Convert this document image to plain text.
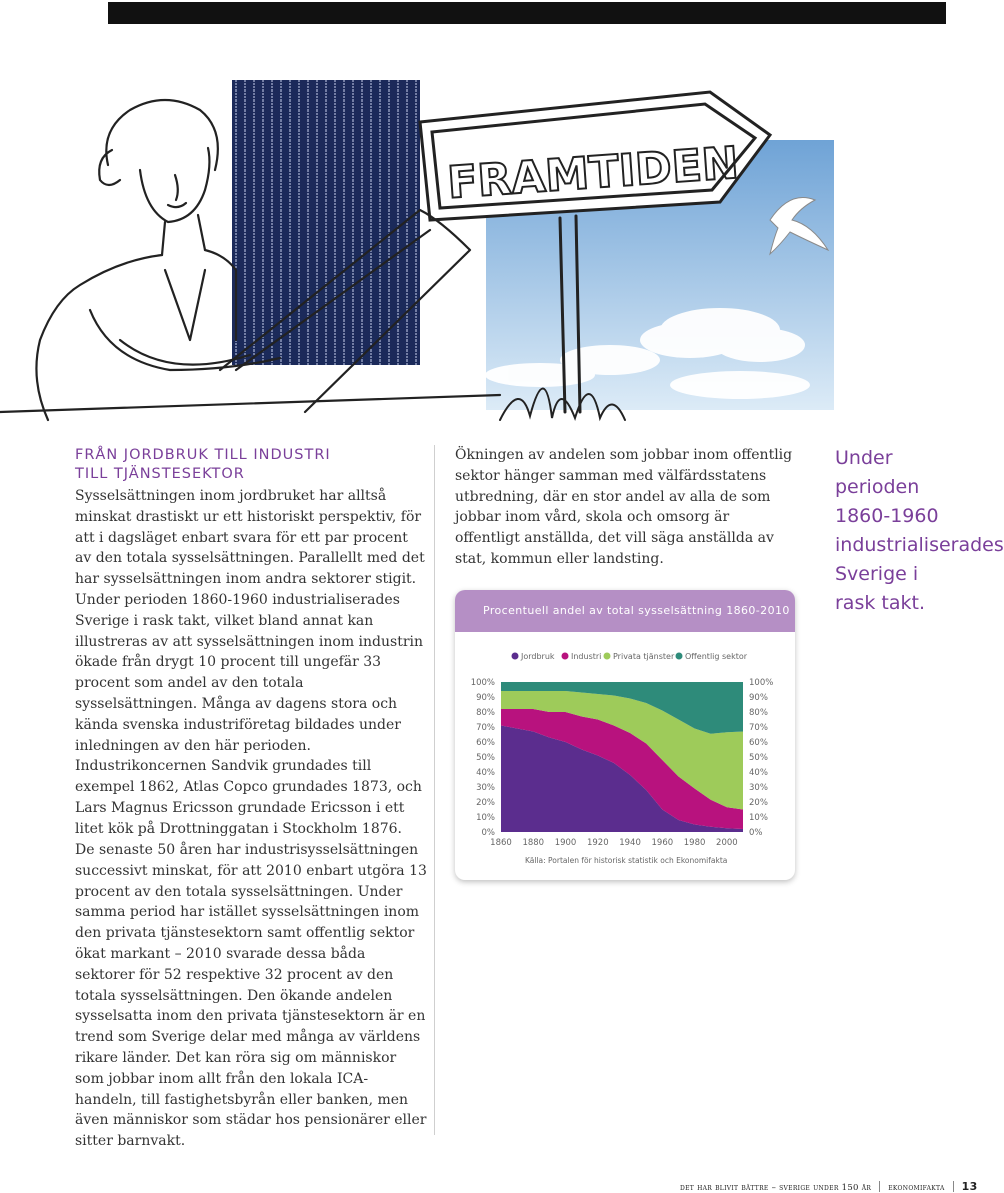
FRAMTIDEN
FRÅN JORDBRUK TILL INDUSTRI
TILL TJÄNSTESEKTOR
Sysselsättningen inom jordbruket har alltså minskat drastiskt ur ett historiskt perspektiv, för att i dagsläget enbart svara för ett par procent av den totala sysselsättningen. Parallellt med det har sysselsättningen inom andra sektorer stigit. Under perioden 1860-1960 industrialiserades Sverige i rask takt, vilket bland annat kan illustreras av att sysselsättningen inom industrin ökade från drygt 10 procent till ungefär 33 procent som andel av den totala sysselsättningen. Många av dagens stora och kända svenska industriföretag bildades under inledningen av den här perioden. Industrikoncernen Sandvik grundades till exempel 1862, Atlas Copco grundades 1873, och Lars Magnus Ericsson grundade Ericsson i ett litet kök på Drottninggatan i Stockholm 1876.
De senaste 50 åren har industrisysselsättningen successivt minskat, för att 2010 enbart utgöra 13 procent av den totala sysselsättningen. Under samma period har istället sysselsättningen inom den privata tjänstesektorn samt offentlig sektor ökat markant – 2010 svarade dessa båda sektorer för 52 respektive 32 procent av den totala sysselsättningen. Den ökande andelen sysselsatta inom den privata tjänstesektorn är en trend som Sverige delar med många av världens rikare länder. Det kan röra sig om människor som jobbar inom allt från den lokala ICA-handeln, till fastighetsbyrån eller banken, men även människor som städar hos pensionärer eller sitter barnvakt.
Ökningen av andelen som jobbar inom offentlig sektor hänger samman med välfärdsstatens utbredning, där en stor andel av alla de som jobbar inom vård, skola och omsorg är offentligt anställda, det vill säga anställda av stat, kommun eller landsting.
Under perioden 1860-1960 industrialiserades Sverige i rask takt.
Procentuell andel av total sysselsättning 1860-2010
100%
90%
80%
70%
60%
50%
40%
30%
20%
10%
0%
100%
90%
80%
70%
60%
50%
40%
30%
20%
10%
0%
1860 1880 1900 1920 1940 1960 1980 2000
Jordbruk Industri Privata tjänster Offentlig sektor
Källa: Portalen för historisk statistik och Ekonomifakta
det har blivit bättre – sverige under 150 år ekonomifakta 13
